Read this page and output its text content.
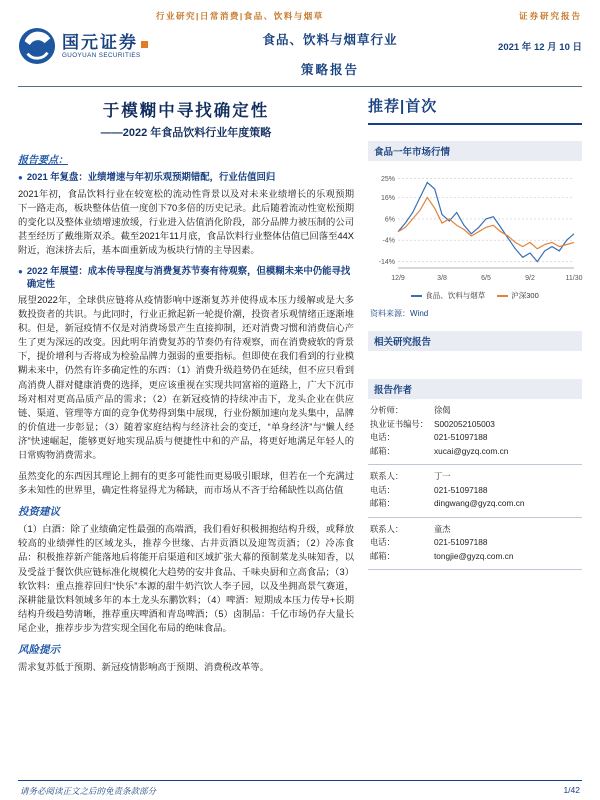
行业研究|日常消费|食品、饮料与烟草	证券研究报告
国元证券
GUOYUAN SECURITIES
食品、饮料与烟草行业
策略报告
2021 年 12 月 10 日
于模糊中寻找确定性
——2022 年食品饮料行业年度策略
报告要点：
● 2021 年复盘：业绩增速与年初乐观预期错配，行业估值回归

2021年初，食品饮料行业在较宽松的流动性背景以及对未来业绩增长的乐观预期下一路走高，板块整体估值一度创下70多倍的历史记录。此后随着流动性宽松预期的变化以及整体业绩增速放缓，行业进入估值消化阶段，部分品牌力被压制的公司甚至经历了戴维斯双杀。截至2021年11月底，食品饮料行业整体估值已回落至44X附近，泡沫挤去后，基本面重新成为板块行情的主导因素。

● 2022 年展望：成本传导程度与消费复苏节奏有待观察，但模糊未来中仍能寻找确定性

展望2022年，全球供应链将从疫情影响中逐渐复苏并使得成本压力缓解或是大多数投资者的共识。与此同时，行业正掀起新一轮提价潮，投资者乐观情绪正逐渐堆积。但是，新冠疫情不仅是对消费场景产生直接抑制，还对消费习惯和消费信心产生了更为深远的改变。因此明年消费复苏的节奏仍有待观察，而在消费疲软的背景下，提价增利与否将成为检验品牌力强弱的重要指标。但即使在我们看到的行业模糊未来中，仍然有许多确定性的东西：（1）消费升级趋势仍在延续，但不应只看到高消费人群对健康消费的选择，更应该重视在实现共同富裕的道路上，广大下沉市场对相对更高品质产品的需求；（2）在新冠疫情的持续冲击下，龙头企业在供应链、渠道、管理等方面的竞争优势得到集中展现，行业份额加速向龙头集中，品牌的价值进一步彰显；（3）随着家庭结构与经济社会的变迁，“单身经济”与“懒人经济”快速崛起，能够更好地实现品质与便捷性中和的产品，将更好地满足年轻人的日常购物消费需求。

虽然变化的东西因其理论上拥有的更多可能性而更易吸引眼球，但若在一个充满过多未知性的世界里，确定性将显得尤为稀缺，而市场从不吝于给稀缺性以高估值

投资建议

（1）白酒：除了业绩确定性最强的高端酒，我们看好积极拥抱结构升级，或释放较高的业绩弹性的区域龙头，推荐今世缘、古井贡酒以及迎驾贡酒；（2）冷冻食品：积极推荐新产能落地后将能开启渠道和区域扩张大幕的预制菜龙头味知香，以及受益于餐饮供应链标准化规模化大趋势的安井食品、千味央厨和立高食品；（3）软饮料：重点推荐回归“快乐”本源的甜牛奶汽饮人李子园，以及坐拥高景气赛道，深耕能量饮料领域多年的本土龙头东鹏饮料；（4）啤酒：短期成本压力传导+长期结构升级趋势清晰，推荐重庆啤酒和青岛啤酒；（5）卤制品：千亿市场仍存大量长尾企业，推荐步步为营实现全国化布局的绝味食品。

风险提示

需求复苏低于预期、新冠疫情影响高于预期、消费税改革等。

推荐|首次
食品一年市场行情
25%
16%
6%
-4%
-14%
12/9	3/8	6/5	9/2	11/30
食品、饮料与烟草	沪深300
资料来源：Wind
相关研究报告
报告作者
分析师：	徐偈
执业证书编号： S002052105003
电话：	021-51097188
邮箱：	xucai@gyzq.com.cn
联系人：	丁一
电话：	021-51097188
邮箱：	dingwang@gyzq.com.cn
联系人：	童杰
电话：	021-51097188
邮箱：	tongjie@gyzq.com.cn
请务必阅读正文之后的免责条款部分	1/42
